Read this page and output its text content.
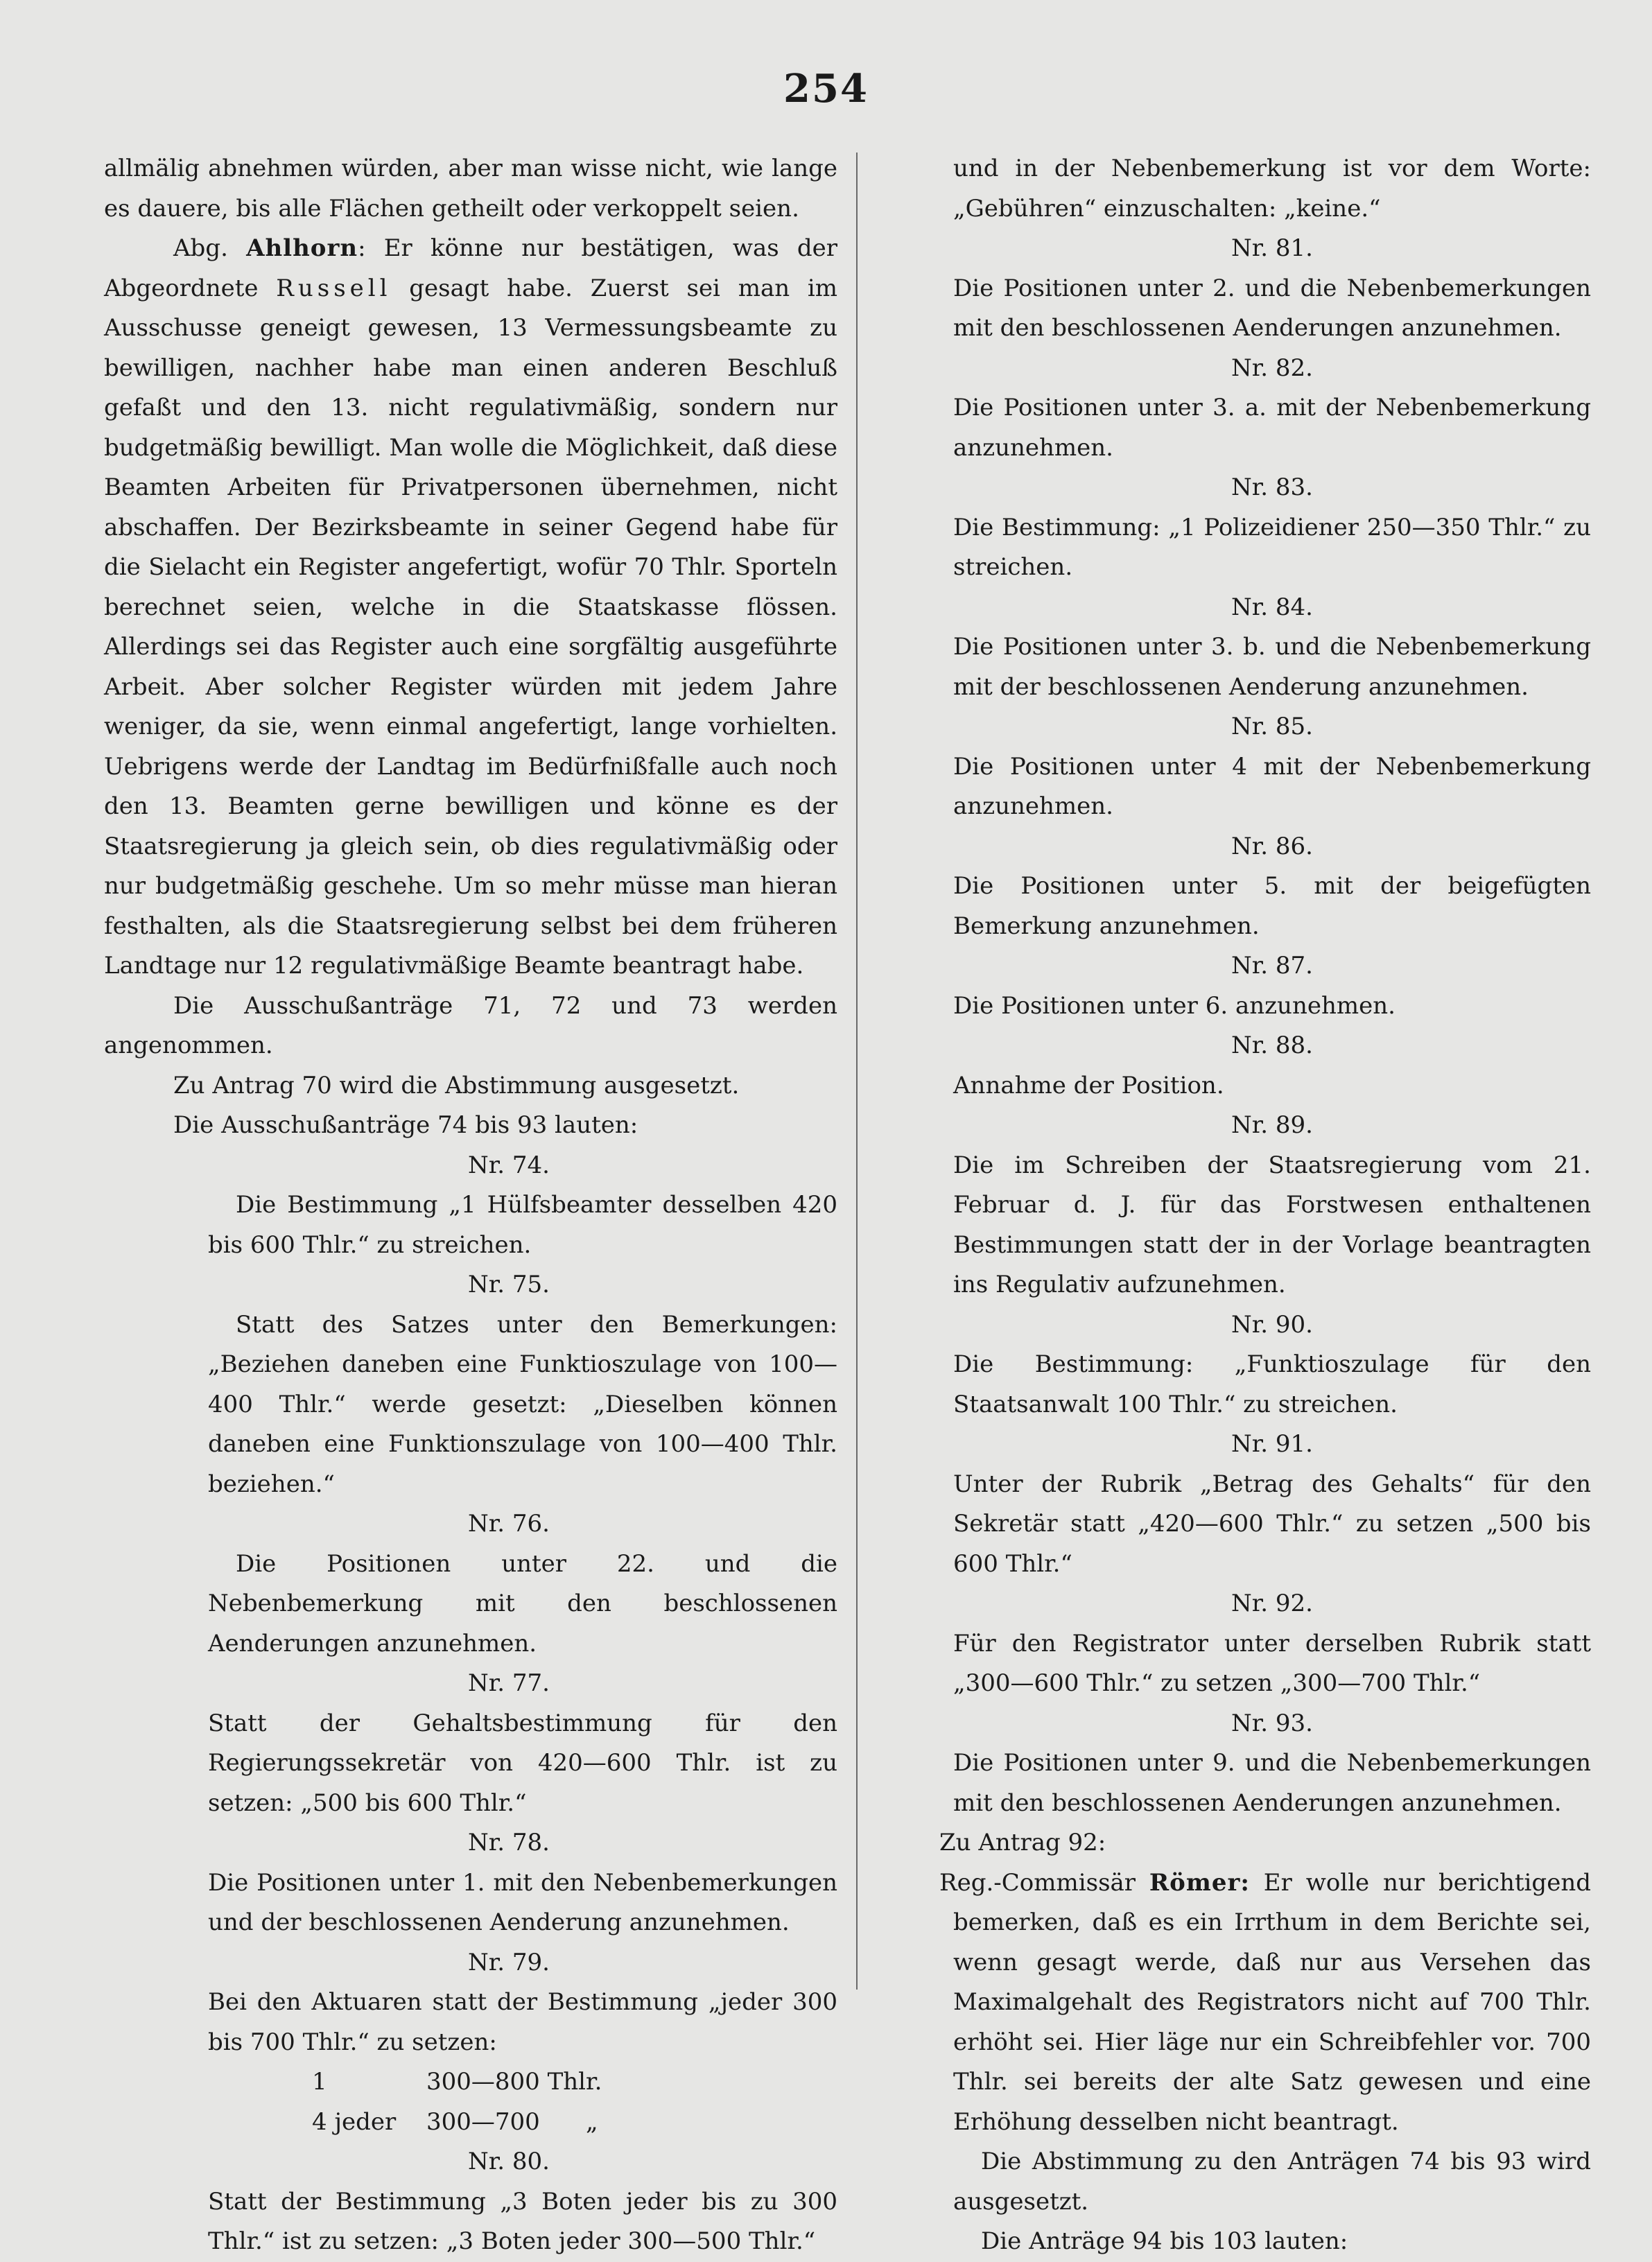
254

allmälig abnehmen würden, aber man wisse nicht, wie lange es dauere, bis alle Flächen getheilt oder verkoppelt seien.

Abg. Ahlhorn: Er könne nur bestätigen, was der Abgeordnete Russell gesagt habe. Zuerst sei man im Ausschusse geneigt gewesen, 13 Vermessungsbeamte zu bewilligen, nachher habe man einen anderen Beschluß gefaßt und den 13. nicht regulativmäßig, sondern nur budgetmäßig bewilligt. Man wolle die Möglichkeit, daß diese Beamten Arbeiten für Privatpersonen übernehmen, nicht abschaffen. Der Bezirksbeamte in seiner Gegend habe für die Sielacht ein Register angefertigt, wofür 70 Thlr. Sporteln berechnet seien, welche in die Staatskasse flössen. Allerdings sei das Register auch eine sorgfältig ausgeführte Arbeit. Aber solcher Register würden mit jedem Jahre weniger, da sie, wenn einmal angefertigt, lange vorhielten. Uebrigens werde der Landtag im Bedürfnißfalle auch noch den 13. Beamten gerne bewilligen und könne es der Staatsregierung ja gleich sein, ob dies regulativmäßig oder nur budgetmäßig geschehe. Um so mehr müsse man hieran festhalten, als die Staatsregierung selbst bei dem früheren Landtage nur 12 regulativmäßige Beamte beantragt habe.

Die Ausschußanträge 71, 72 und 73 werden angenommen.

Zu Antrag 70 wird die Abstimmung ausgesetzt.

Die Ausschußanträge 74 bis 93 lauten:

Nr. 74.

Die Bestimmung „1 Hülfsbeamter desselben 420 bis 600 Thlr.“ zu streichen.

Nr. 75.

Statt des Satzes unter den Bemerkungen: „Beziehen daneben eine Funktioszulage von 100—400 Thlr.“ werde gesetzt: „Dieselben können daneben eine Funktionszulage von 100—400 Thlr. beziehen.“

Nr. 76.

Die Positionen unter 22. und die Nebenbemerkung mit den beschlossenen Aenderungen anzunehmen.

Nr. 77.

Statt der Gehaltsbestimmung für den Regierungssekretär von 420—600 Thlr. ist zu setzen: „500 bis 600 Thlr.“

Nr. 78.

Die Positionen unter 1. mit den Nebenbemerkungen und der beschlossenen Aenderung anzunehmen.

Nr. 79.

Bei den Aktuaren statt der Bestimmung „jeder 300 bis 700 Thlr.“ zu setzen:

1	300—800 Thlr.
4 jeder	300—700	„

Nr. 80.

Statt der Bestimmung „3 Boten jeder bis zu 300 Thlr.“ ist zu setzen: „3 Boten jeder 300—500 Thlr.“

und in der Nebenbemerkung ist vor dem Worte: „Gebühren“ einzuschalten: „keine.“

Nr. 81.

Die Positionen unter 2. und die Nebenbemerkungen mit den beschlossenen Aenderungen anzunehmen.

Nr. 82.

Die Positionen unter 3. a. mit der Nebenbemerkung anzunehmen.

Nr. 83.

Die Bestimmung: „1 Polizeidiener 250—350 Thlr.“ zu streichen.

Nr. 84.

Die Positionen unter 3. b. und die Nebenbemerkung mit der beschlossenen Aenderung anzunehmen.

Nr. 85.

Die Positionen unter 4 mit der Nebenbemerkung anzunehmen.

Nr. 86.

Die Positionen unter 5. mit der beigefügten Bemerkung anzunehmen.

Nr. 87.

Die Positionen unter 6. anzunehmen.

Nr. 88.

Annahme der Position.

Nr. 89.

Die im Schreiben der Staatsregierung vom 21. Februar d. J. für das Forstwesen enthaltenen Bestimmungen statt der in der Vorlage beantragten ins Regulativ aufzunehmen.

Nr. 90.

Die Bestimmung: „Funktioszulage für den Staatsanwalt 100 Thlr.“ zu streichen.

Nr. 91.

Unter der Rubrik „Betrag des Gehalts“ für den Sekretär statt „420—600 Thlr.“ zu setzen „500 bis 600 Thlr.“

Nr. 92.

Für den Registrator unter derselben Rubrik statt „300—600 Thlr.“ zu setzen „300—700 Thlr.“

Nr. 93.

Die Positionen unter 9. und die Nebenbemerkungen mit den beschlossenen Aenderungen anzunehmen.

Zu Antrag 92:

Reg.-Commissär Römer: Er wolle nur berichtigend bemerken, daß es ein Irrthum in dem Berichte sei, wenn gesagt werde, daß nur aus Versehen das Maximalgehalt des Registrators nicht auf 700 Thlr. erhöht sei. Hier läge nur ein Schreibfehler vor. 700 Thlr. sei bereits der alte Satz gewesen und eine Erhöhung desselben nicht beantragt.

Die Abstimmung zu den Anträgen 74 bis 93 wird ausgesetzt.

Die Anträge 94 bis 103 lauten:
